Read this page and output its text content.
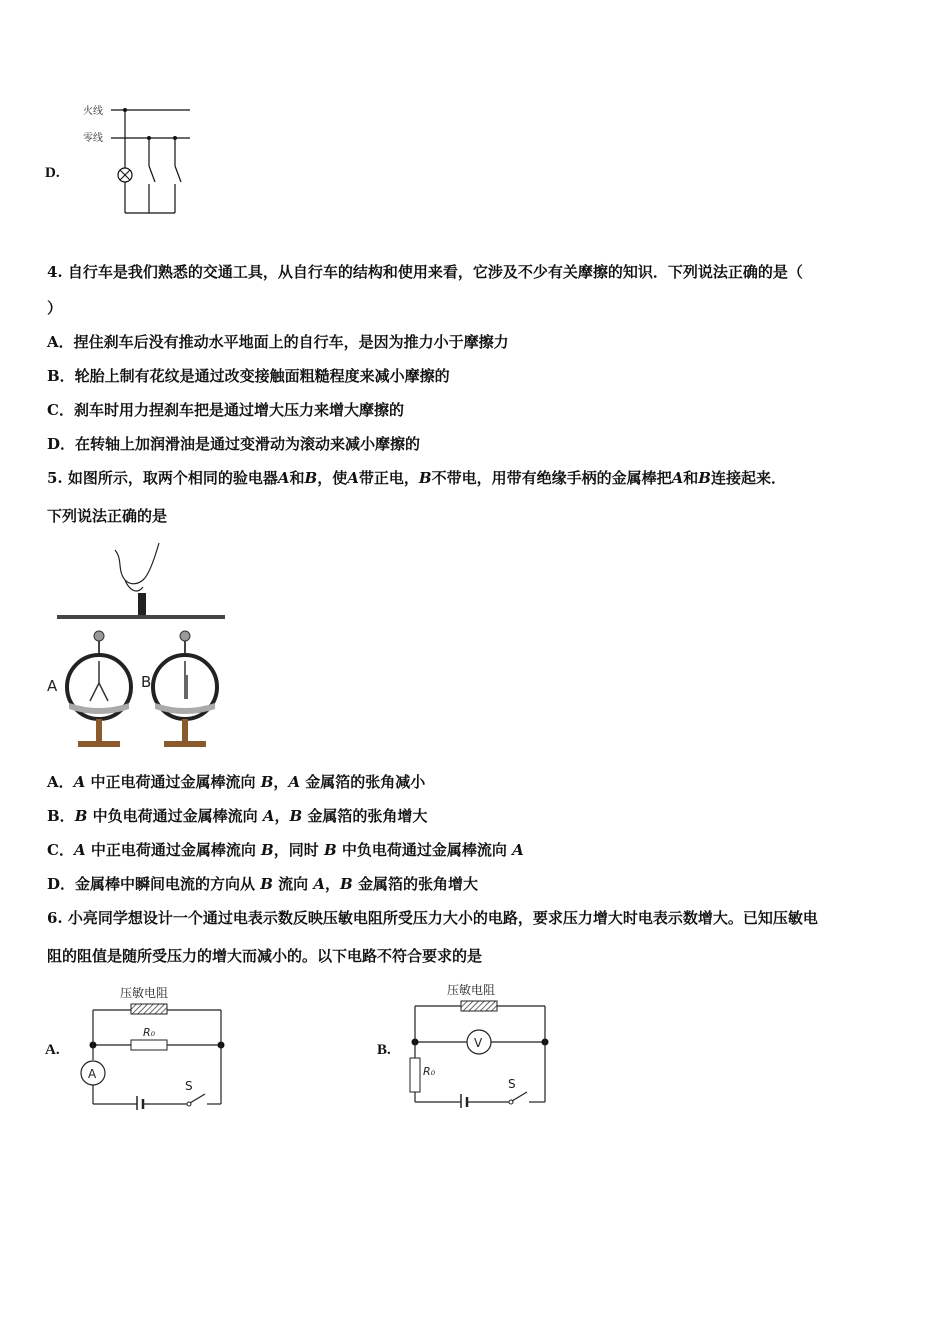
D.
火线
零线
4. 自行车是我们熟悉的交通工具，从自行车的结构和使用来看，它涉及不少有关摩擦的知识．下列说法正确的是（
）
A．捏住刹车后没有推动水平地面上的自行车，是因为推力小于摩擦力
B．轮胎上制有花纹是通过改变接触面粗糙程度来减小摩擦的
C．刹车时用力捏刹车把是通过增大压力来增大摩擦的
D．在转轴上加润滑油是通过变滑动为滚动来减小摩擦的
5. 如图所示，取两个相同的验电器A和B，使A带正电，B不带电，用带有绝缘手柄的金属棒把A和B连接起来．
下列说法正确的是
A	B
A．A 中正电荷通过金属棒流向 B，A 金属箔的张角减小
B．B 中负电荷通过金属棒流向 A，B 金属箔的张角增大
C．A 中正电荷通过金属棒流向 B，同时 B 中负电荷通过金属棒流向 A
D．金属棒中瞬间电流的方向从 B 流向 A，B 金属箔的张角增大
6. 小亮同学想设计一个通过电表示数反映压敏电阻所受压力大小的电路，要求压力增大时电表示数增大。已知压敏电
阻的阻值是随所受压力的增大而减小的。以下电路不符合要求的是
A.
压敏电阻
R₀
A
S
B.
压敏电阻
V
R₀
S
